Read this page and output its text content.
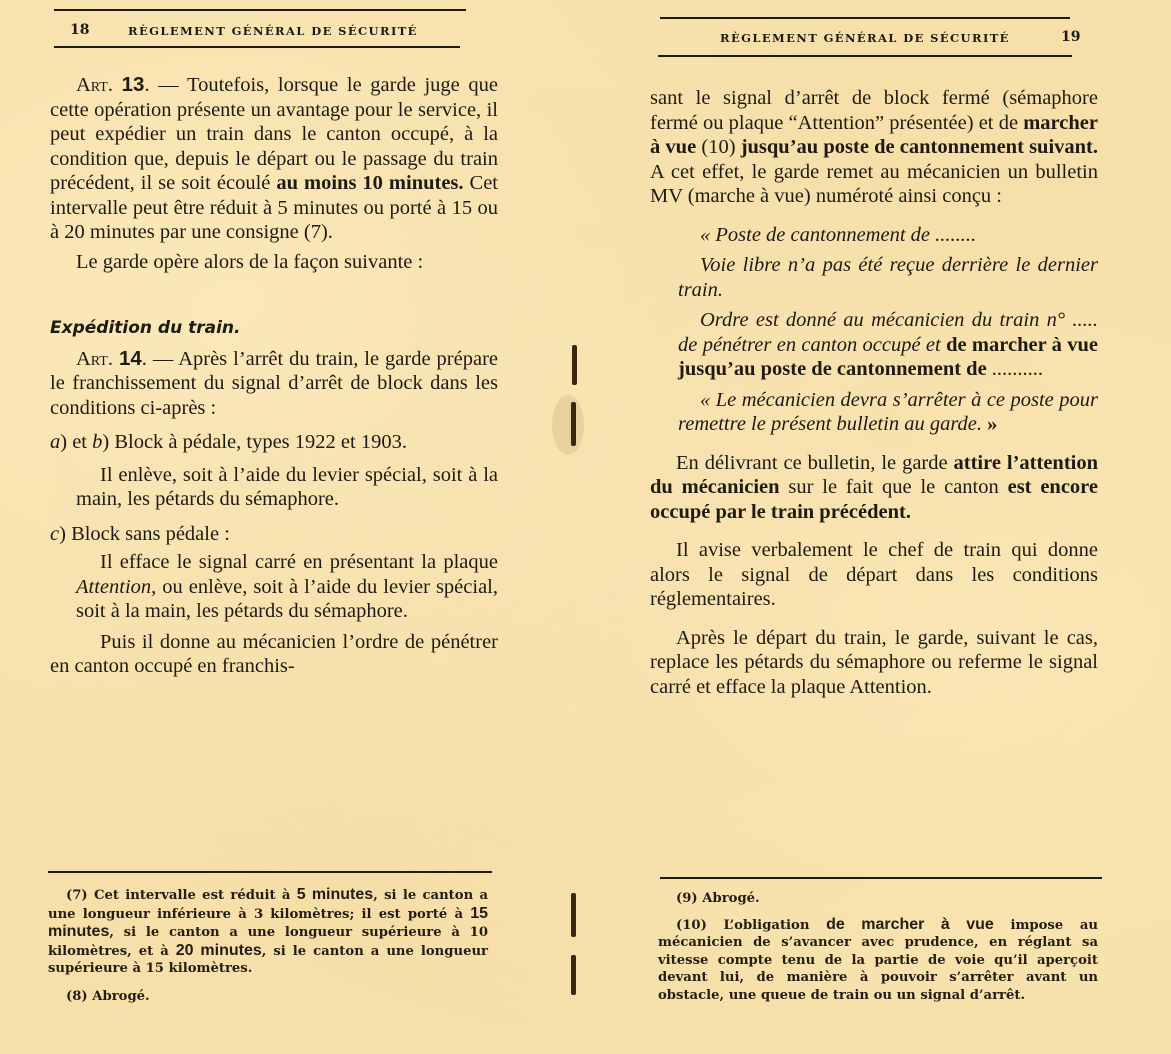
18	RÈGLEMENT GÉNÉRAL DE SÉCURITÉ

Art. 13. — Toutefois, lorsque le garde juge que cette opération présente un avantage pour le service, il peut expédier un train dans le canton occupé, à la condition que, depuis le départ ou le passage du train précédent, il se soit écoulé au moins 10 minutes. Cet intervalle peut être réduit à 5 minutes ou porté à 15 ou à 20 minutes par une consigne (7).

Le garde opère alors de la façon suivante :

Expédition du train.

Art. 14. — Après l’arrêt du train, le garde prépare le franchissement du signal d’arrêt de block dans les conditions ci-après :

a) et b) Block à pédale, types 1922 et 1903.

Il enlève, soit à l’aide du levier spécial, soit à la main, les pétards du sémaphore.

c) Block sans pédale :

Il efface le signal carré en présentant la plaque Attention, ou enlève, soit à l’aide du levier spécial, soit à la main, les pétards du sémaphore.

Puis il donne au mécanicien l’ordre de pénétrer en canton occupé en franchis-

(7) Cet intervalle est réduit à 5 minutes, si le canton a une longueur inférieure à 3 kilomètres; il est porté à 15 minutes, si le canton a une longueur supérieure à 10 kilomètres, et à 20 minutes, si le canton a une longueur supérieure à 15 kilomètres.

(8) Abrogé.

RÈGLEMENT GÉNÉRAL DE SÉCURITÉ	19

sant le signal d’arrêt de block fermé (sémaphore fermé ou plaque “Attention” présentée) et de marcher à vue (10) jusqu’au poste de cantonnement suivant. A cet effet, le garde remet au mécanicien un bulletin MV (marche à vue) numéroté ainsi conçu :

« Poste de cantonnement de ........

Voie libre n’a pas été reçue derrière le dernier train.

Ordre est donné au mécanicien du train n° ..... de pénétrer en canton occupé et de marcher à vue jusqu’au poste de cantonnement de ..........

« Le mécanicien devra s’arrêter à ce poste pour remettre le présent bulletin au garde. »

En délivrant ce bulletin, le garde attire l’attention du mécanicien sur le fait que le canton est encore occupé par le train précédent.

Il avise verbalement le chef de train qui donne alors le signal de départ dans les conditions réglementaires.

Après le départ du train, le garde, suivant le cas, replace les pétards du sémaphore ou referme le signal carré et efface la plaque Attention.

(9) Abrogé.

(10) L’obligation de marcher à vue impose au mécanicien de s’avancer avec prudence, en réglant sa vitesse compte tenu de la partie de voie qu’il aperçoit devant lui, de manière à pouvoir s’arrêter avant un obstacle, une queue de train ou un signal d’arrêt.
